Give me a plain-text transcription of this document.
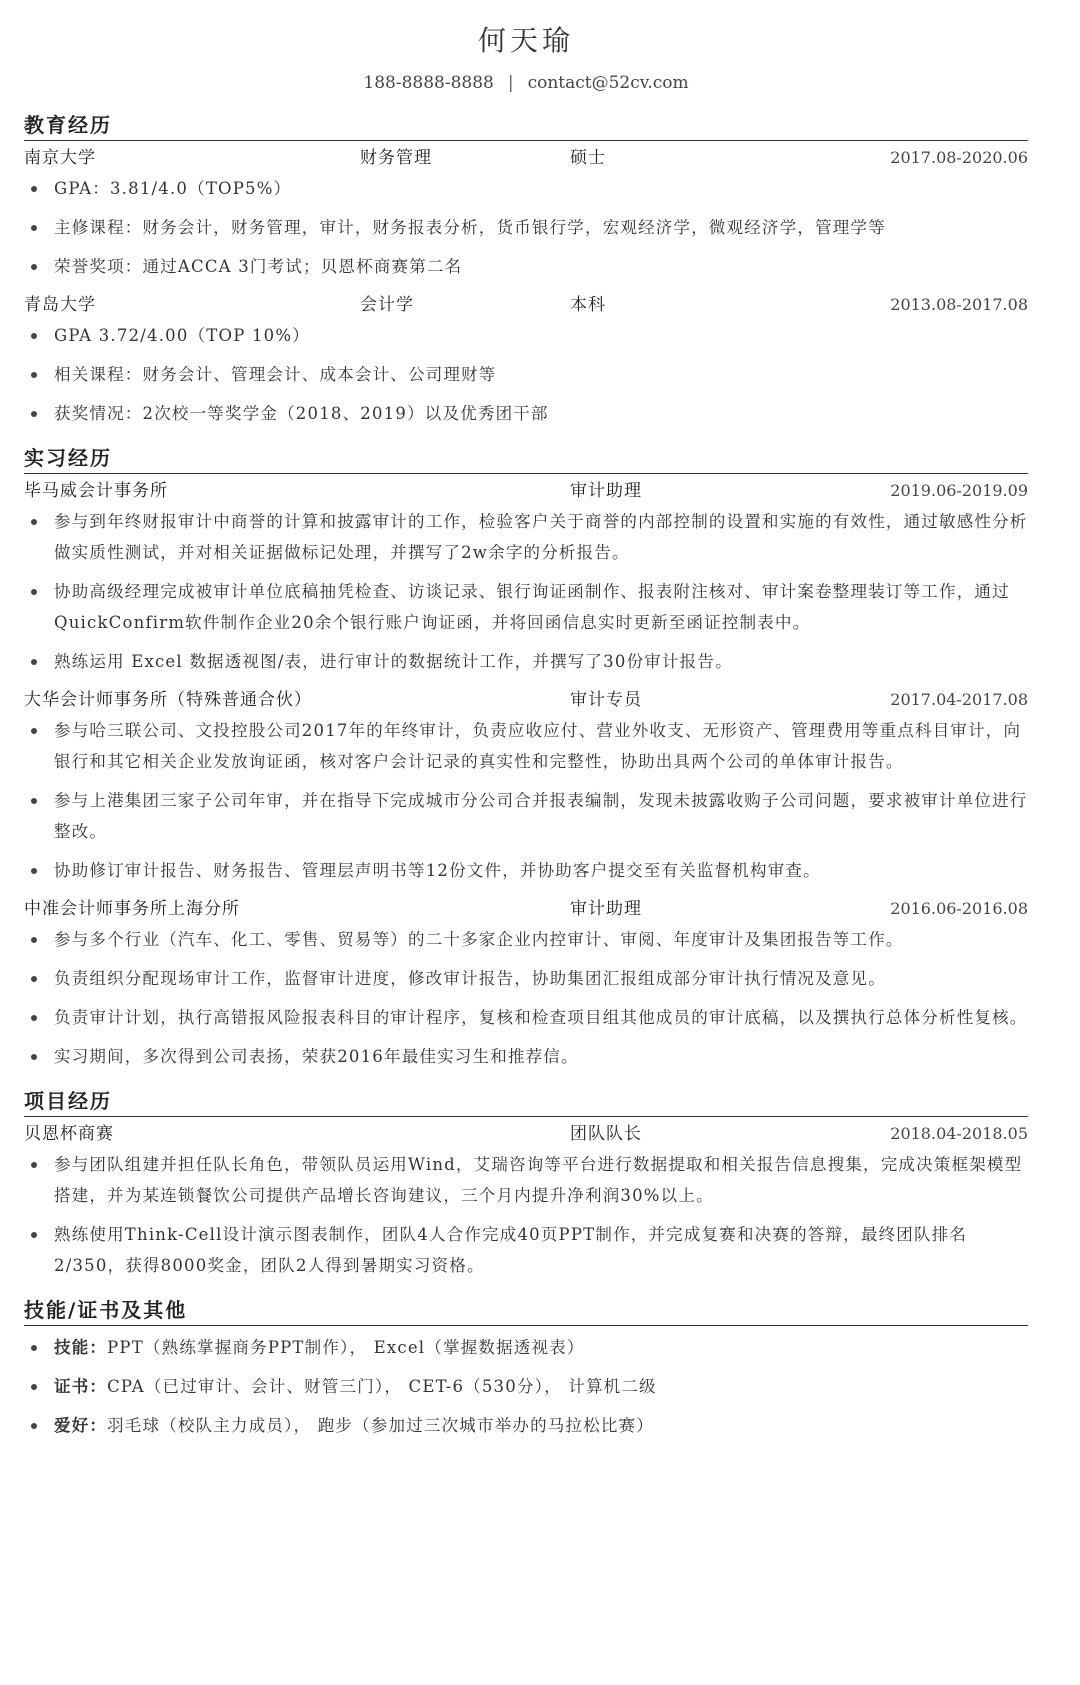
何天瑜
188-8888-8888 | contact@52cv.com
教育经历
南京大学	财务管理	硕士	2017.08-2020.06
GPA：3.81/4.0（TOP5%）
主修课程：财务会计，财务管理，审计，财务报表分析，货币银行学，宏观经济学，微观经济学，管理学等
荣誉奖项：通过ACCA 3门考试；贝恩杯商赛第二名
青岛大学	会计学	本科	2013.08-2017.08
GPA 3.72/4.00（TOP 10%）
相关课程：财务会计、管理会计、成本会计、公司理财等
获奖情况：2次校一等奖学金（2018、2019）以及优秀团干部
实习经历
毕马威会计事务所	审计助理	2019.06-2019.09
参与到年终财报审计中商誉的计算和披露审计的工作，检验客户关于商誉的内部控制的设置和实施的有效性，通过敏感性分析做实质性测试，并对相关证据做标记处理，并撰写了2w余字的分析报告。
协助高级经理完成被审计单位底稿抽凭检查、访谈记录、银行询证函制作、报表附注核对、审计案卷整理装订等工作，通过QuickConfirm软件制作企业20余个银行账户询证函，并将回函信息实时更新至函证控制表中。
熟练运用 Excel 数据透视图/表，进行审计的数据统计工作，并撰写了30份审计报告。
大华会计师事务所（特殊普通合伙）	审计专员	2017.04-2017.08
参与哈三联公司、文投控股公司2017年的年终审计，负责应收应付、营业外收支、无形资产、管理费用等重点科目审计，向银行和其它相关企业发放询证函，核对客户会计记录的真实性和完整性，协助出具两个公司的单体审计报告。
参与上港集团三家子公司年审，并在指导下完成城市分公司合并报表编制，发现未披露收购子公司问题，要求被审计单位进行整改。
协助修订审计报告、财务报告、管理层声明书等12份文件，并协助客户提交至有关监督机构审查。
中准会计师事务所上海分所	审计助理	2016.06-2016.08
参与多个行业（汽车、化工、零售、贸易等）的二十多家企业内控审计、审阅、年度审计及集团报告等工作。
负责组织分配现场审计工作，监督审计进度，修改审计报告，协助集团汇报组成部分审计执行情况及意见。
负责审计计划，执行高错报风险报表科目的审计程序，复核和检查项目组其他成员的审计底稿，以及撰执行总体分析性复核。
实习期间，多次得到公司表扬，荣获2016年最佳实习生和推荐信。
项目经历
贝恩杯商赛	团队队长	2018.04-2018.05
参与团队组建并担任队长角色，带领队员运用Wind，艾瑞咨询等平台进行数据提取和相关报告信息搜集，完成决策框架模型搭建，并为某连锁餐饮公司提供产品增长咨询建议，三个月内提升净利润30%以上。
熟练使用Think-Cell设计演示图表制作，团队4人合作完成40页PPT制作，并完成复赛和决赛的答辩，最终团队排名2/350，获得8000奖金，团队2人得到暑期实习资格。
技能/证书及其他
技能：PPT（熟练掌握商务PPT制作）， Excel（掌握数据透视表）
证书：CPA（已过审计、会计、财管三门）， CET-6（530分）， 计算机二级
爱好：羽毛球（校队主力成员）， 跑步（参加过三次城市举办的马拉松比赛）
